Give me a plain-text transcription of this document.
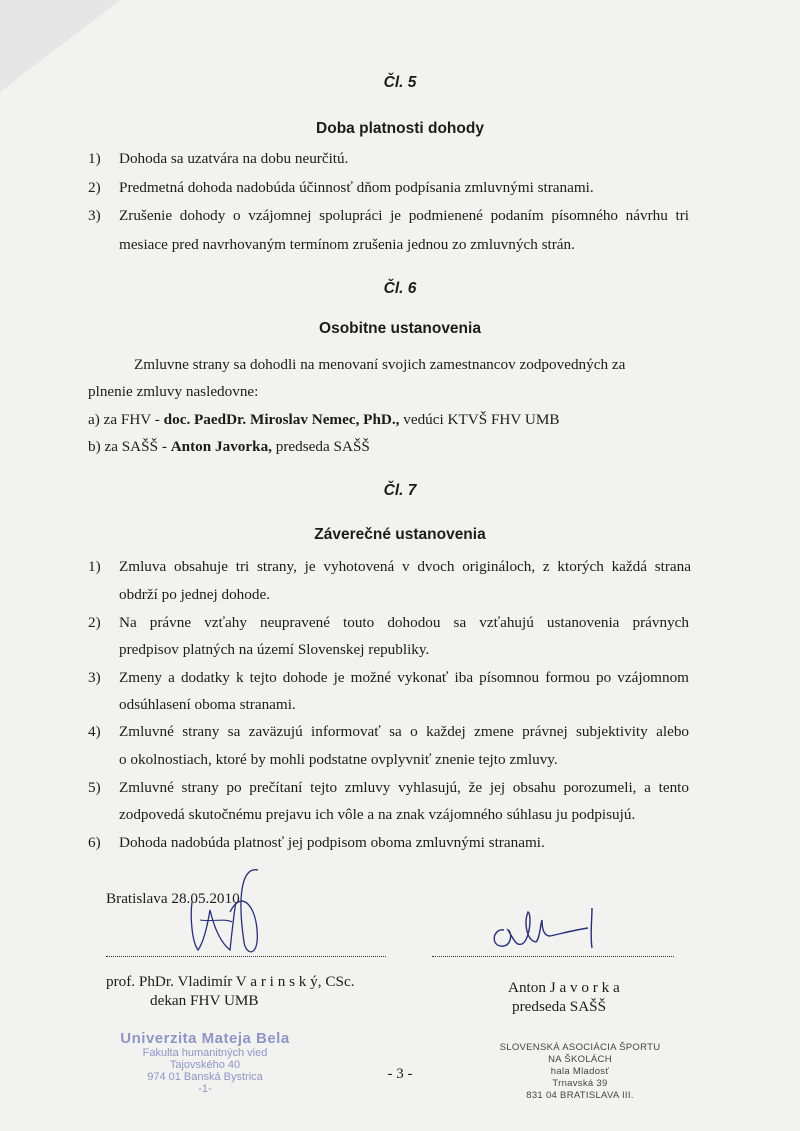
Čl. 5
Doba platnosti dohody
1) Dohoda sa uzatvára na dobu neurčitú.
2) Predmetná dohoda nadobúda účinnosť dňom podpísania zmluvnými stranami.
3) Zrušenie dohody o vzájomnej spolupráci je podmienené podaním písomného návrhu tri
mesiace pred navrhovaným termínom zrušenia jednou zo zmluvných strán.
Čl. 6
Osobitne ustanovenia
Zmluvne strany sa dohodli na menovaní svojich zamestnancov zodpovedných za
plnenie zmluvy nasledovne:
a) za FHV - doc. PaedDr. Miroslav Nemec, PhD., vedúci KTVŠ FHV UMB
b) za SAŠŠ - Anton Javorka, predseda SAŠŠ
Čl. 7
Záverečné ustanovenia
1) Zmluva obsahuje tri strany, je vyhotovená v dvoch origináloch, z ktorých každá strana
obdrží po jednej dohode.
2) Na právne vzťahy neupravené touto dohodou sa vzťahujú ustanovenia právnych
predpisov platných na území Slovenskej republiky.
3) Zmeny a dodatky k tejto dohode je možné vykonať iba písomnou formou po vzájomnom
odsúhlasení oboma stranami.
4) Zmluvné strany sa zaväzujú informovať sa o každej zmene právnej subjektivity alebo
o okolnostiach, ktoré by mohli podstatne ovplyvniť znenie tejto zmluvy.
5) Zmluvné strany po prečítaní tejto zmluvy vyhlasujú, že jej obsahu porozumeli, a tento
zodpovedá skutočnému prejavu ich vôle a na znak vzájomného súhlasu ju podpisujú.
6) Dohoda nadobúda platnosť jej podpisom oboma zmluvnými stranami.
Bratislava 28.05.2010
prof. PhDr. Vladimír V a r i n s k ý, CSc.
dekan FHV UMB
Anton J a v o r k a
predseda SAŠŠ
Univerzita Mateja Bela
Fakulta humanitných vied
Tajovského 40
974 01 Banská Bystrica
-1-
- 3 -
SLOVENSKÁ ASOCIÁCIA ŠPORTU
NA ŠKOLÁCH
hala Mladosť
Trnavská 39
831 04 BRATISLAVA III.
